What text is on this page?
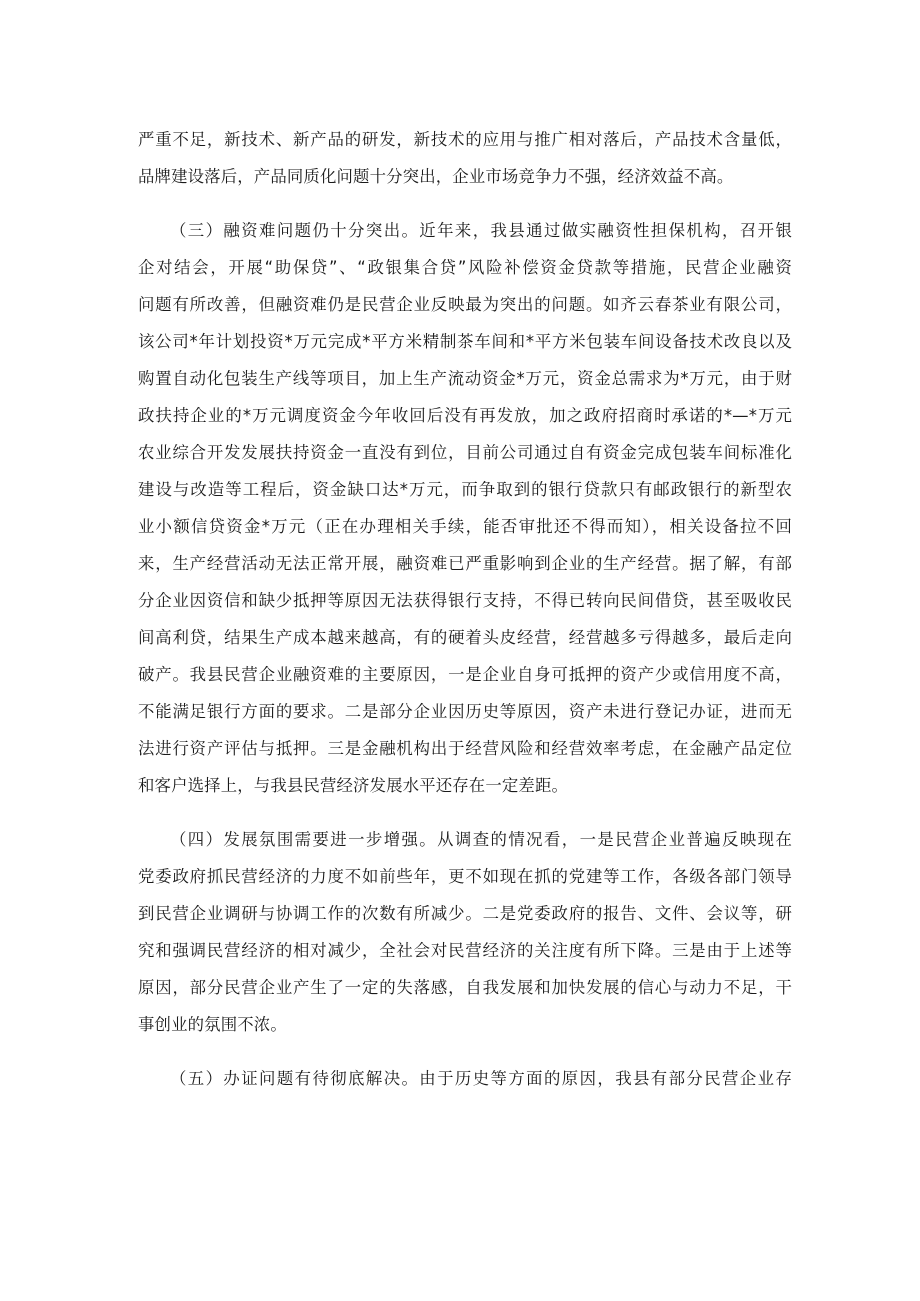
严重不足，新技术、新产品的研发，新技术的应用与推广相对落后，产品技术含量低，
品牌建设落后，产品同质化问题十分突出，企业市场竞争力不强，经济效益不高。
（三）融资难问题仍十分突出。近年来，我县通过做实融资性担保机构，召开银
企对结会，开展“助保贷”、“政银集合贷”风险补偿资金贷款等措施，民营企业融资
问题有所改善，但融资难仍是民营企业反映最为突出的问题。如齐云春茶业有限公司，
该公司*年计划投资*万元完成*平方米精制茶车间和*平方米包装车间设备技术改良以及
购置自动化包装生产线等项目，加上生产流动资金*万元，资金总需求为*万元，由于财
政扶持企业的*万元调度资金今年收回后没有再发放，加之政府招商时承诺的*—*万元
农业综合开发发展扶持资金一直没有到位，目前公司通过自有资金完成包装车间标准化
建设与改造等工程后，资金缺口达*万元，而争取到的银行贷款只有邮政银行的新型农
业小额信贷资金*万元（正在办理相关手续，能否审批还不得而知），相关设备拉不回
来，生产经营活动无法正常开展，融资难已严重影响到企业的生产经营。据了解，有部
分企业因资信和缺少抵押等原因无法获得银行支持，不得已转向民间借贷，甚至吸收民
间高利贷，结果生产成本越来越高，有的硬着头皮经营，经营越多亏得越多，最后走向
破产。我县民营企业融资难的主要原因，一是企业自身可抵押的资产少或信用度不高，
不能满足银行方面的要求。二是部分企业因历史等原因，资产未进行登记办证，进而无
法进行资产评估与抵押。三是金融机构出于经营风险和经营效率考虑，在金融产品定位
和客户选择上，与我县民营经济发展水平还存在一定差距。
（四）发展氛围需要进一步增强。从调查的情况看，一是民营企业普遍反映现在
党委政府抓民营经济的力度不如前些年，更不如现在抓的党建等工作，各级各部门领导
到民营企业调研与协调工作的次数有所减少。二是党委政府的报告、文件、会议等，研
究和强调民营经济的相对减少，全社会对民营经济的关注度有所下降。三是由于上述等
原因，部分民营企业产生了一定的失落感，自我发展和加快发展的信心与动力不足，干
事创业的氛围不浓。
（五）办证问题有待彻底解决。由于历史等方面的原因，我县有部分民营企业存
